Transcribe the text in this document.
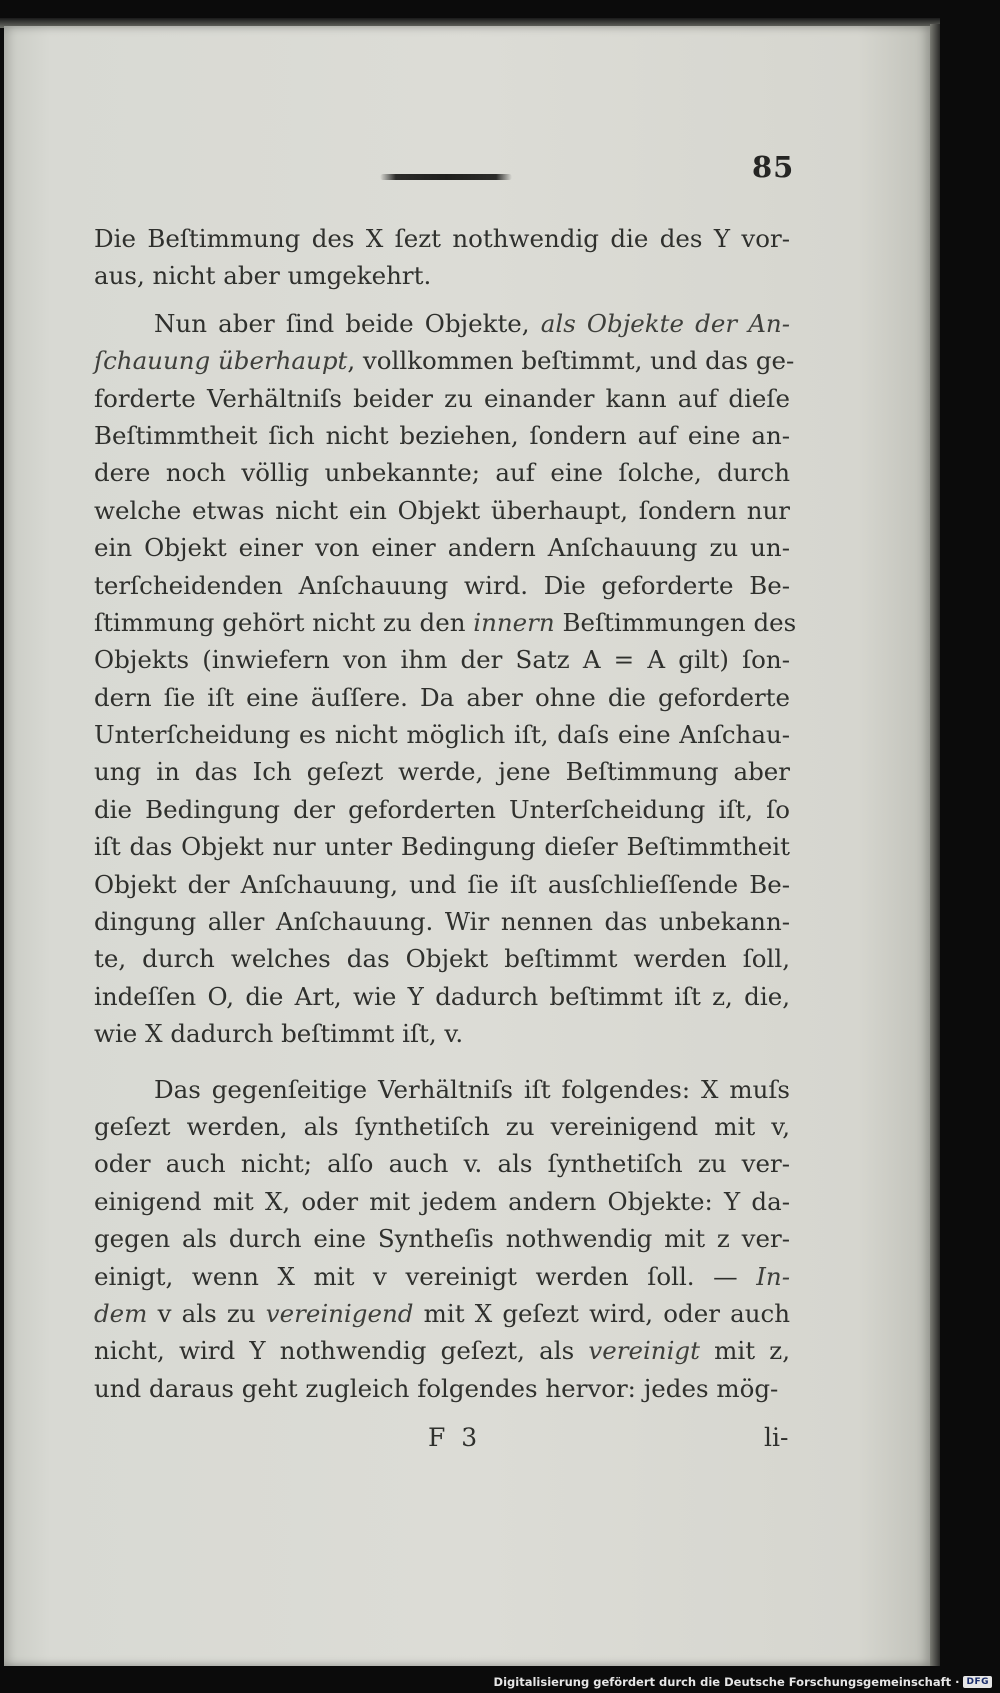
85
Die Beſtimmung des X ſezt nothwendig die des Y vor-
aus, nicht aber umgekehrt.
Nun aber ſind beide Objekte, als Objekte der An-
ſchauung überhaupt, vollkommen beſtimmt, und das ge-
forderte Verhältniſs beider zu einander kann auf dieſe
Beſtimmtheit ſich nicht beziehen, ſondern auf eine an-
dere noch völlig unbekannte; auf eine ſolche, durch
welche etwas nicht ein Objekt überhaupt, ſondern nur
ein Objekt einer von einer andern Anſchauung zu un-
terſcheidenden Anſchauung wird. Die geforderte Be-
ſtimmung gehört nicht zu den innern Beſtimmungen des
Objekts (inwiefern von ihm der Satz A = A gilt) ſon-
dern ſie iſt eine äuſſere. Da aber ohne die geforderte
Unterſcheidung es nicht möglich iſt, daſs eine Anſchau-
ung in das Ich geſezt werde, jene Beſtimmung aber
die Bedingung der geforderten Unterſcheidung iſt, ſo
iſt das Objekt nur unter Bedingung dieſer Beſtimmtheit
Objekt der Anſchauung, und ſie iſt ausſchlieſſende Be-
dingung aller Anſchauung. Wir nennen das unbekann-
te, durch welches das Objekt beſtimmt werden ſoll,
indeſſen O, die Art, wie Y dadurch beſtimmt iſt z, die,
wie X dadurch beſtimmt iſt, v.
Das gegenſeitige Verhältniſs iſt folgendes: X muſs
geſezt werden, als ſynthetiſch zu vereinigend mit v,
oder auch nicht; alſo auch v. als ſynthetiſch zu ver-
einigend mit X, oder mit jedem andern Objekte: Y da-
gegen als durch eine Syntheſis nothwendig mit z ver-
einigt, wenn X mit v vereinigt werden ſoll. — In-
dem v als zu vereinigend mit X geſezt wird, oder auch
nicht, wird Y nothwendig geſezt, als vereinigt mit z,
und daraus geht zugleich folgendes hervor: jedes mög-
F 3	li-
Digitalisierung gefördert durch die Deutsche Forschungsgemeinschaft · DFG
